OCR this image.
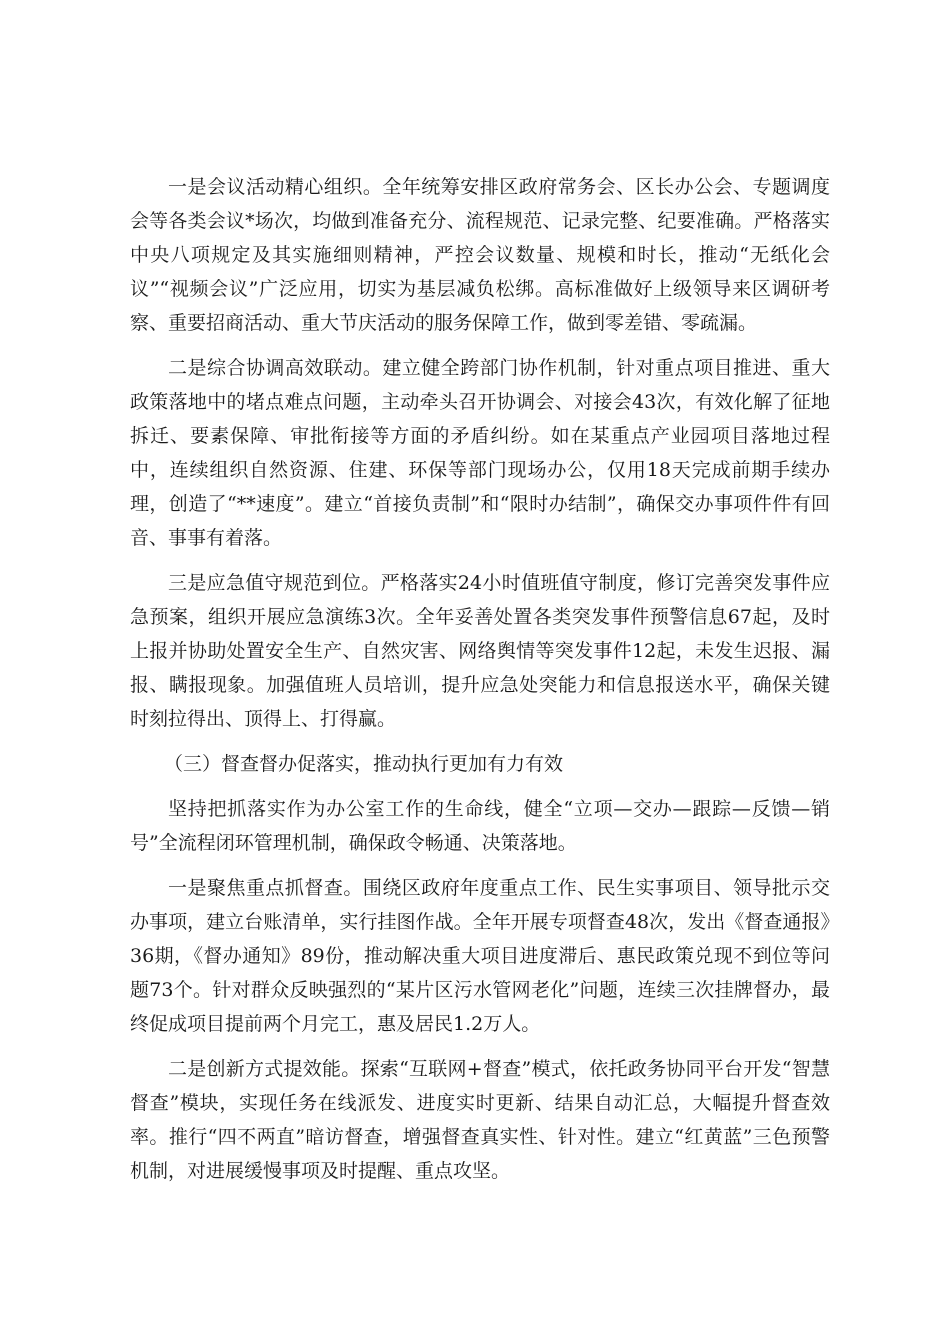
一是会议活动精心组织。全年统筹安排区政府常务会、区长办公会、专题调度会等各类会议*场次，均做到准备充分、流程规范、记录完整、纪要准确。严格落实中央八项规定及其实施细则精神，严控会议数量、规模和时长，推动“无纸化会议”“视频会议”广泛应用，切实为基层减负松绑。高标准做好上级领导来区调研考察、重要招商活动、重大节庆活动的服务保障工作，做到零差错、零疏漏。

二是综合协调高效联动。建立健全跨部门协作机制，针对重点项目推进、重大政策落地中的堵点难点问题，主动牵头召开协调会、对接会43次，有效化解了征地拆迁、要素保障、审批衔接等方面的矛盾纠纷。如在某重点产业园项目落地过程中，连续组织自然资源、住建、环保等部门现场办公，仅用18天完成前期手续办理，创造了“**速度”。建立“首接负责制”和“限时办结制”，确保交办事项件件有回音、事事有着落。

三是应急值守规范到位。严格落实24小时值班值守制度，修订完善突发事件应急预案，组织开展应急演练3次。全年妥善处置各类突发事件预警信息67起，及时上报并协助处置安全生产、自然灾害、网络舆情等突发事件12起，未发生迟报、漏报、瞒报现象。加强值班人员培训，提升应急处突能力和信息报送水平，确保关键时刻拉得出、顶得上、打得赢。

（三）督查督办促落实，推动执行更加有力有效

坚持把抓落实作为办公室工作的生命线，健全“立项—交办—跟踪—反馈—销号”全流程闭环管理机制，确保政令畅通、决策落地。

一是聚焦重点抓督查。围绕区政府年度重点工作、民生实事项目、领导批示交办事项，建立台账清单，实行挂图作战。全年开展专项督查48次，发出《督查通报》36期，《督办通知》89份，推动解决重大项目进度滞后、惠民政策兑现不到位等问题73个。针对群众反映强烈的“某片区污水管网老化”问题，连续三次挂牌督办，最终促成项目提前两个月完工，惠及居民1.2万人。

二是创新方式提效能。探索“互联网+督查”模式，依托政务协同平台开发“智慧督查”模块，实现任务在线派发、进度实时更新、结果自动汇总，大幅提升督查效率。推行“四不两直”暗访督查，增强督查真实性、针对性。建立“红黄蓝”三色预警机制，对进展缓慢事项及时提醒、重点攻坚。
